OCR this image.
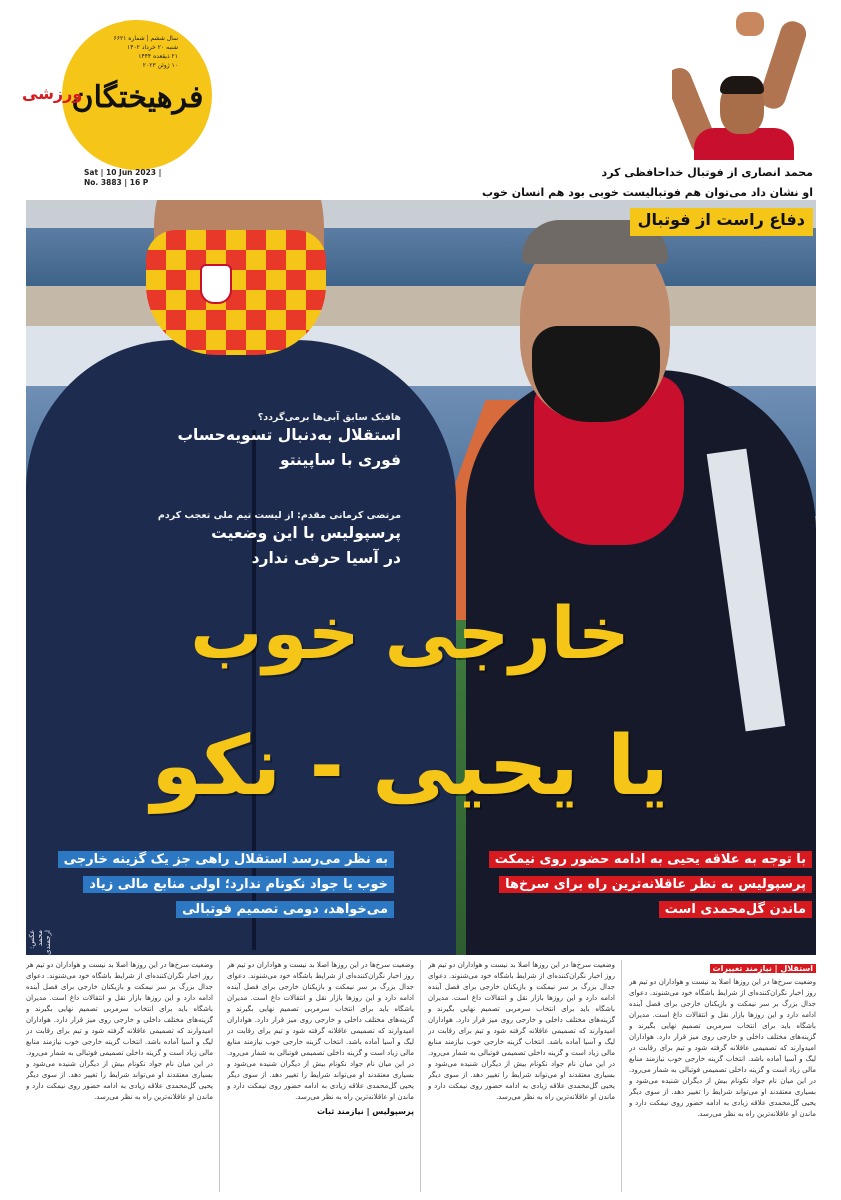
سال ششم | شماره ۶۶۲۱
شنبه ۲۰ خرداد ۱۴۰۲
۲۱ ذیقعده ۱۴۴۴
۱۰ ژوئن ۲۰۲۳
فرهیختگان
ورزشی
Sat | 10 Jun 2023 |
No. 3883 | 16 P
عکس: محمد ارجمندی
محمد انصاری از فوتبال خداحافظی کرد
او نشان داد می‌توان هم فوتبالیست خوبی بود هم انسان خوب
دفاع راست از فوتبال
هافبک سابق آبی‌ها برمی‌گردد؟
استقلال به‌دنبال تسویه‌حساب
فوری با ساپینتو
مرتضی کرمانی مقدم: از لیست تیم ملی تعجب کردم
پرسپولیس با این وضعیت
در آسیا حرفی ندارد
خارجی خوب
یا یحیی - نکو
به نظر می‌رسد استقلال راهی جز یک گزینه خارجی
خوب یا جواد نکونام ندارد؛ اولی منابع مالی زیاد
می‌خواهد، دومی تصمیم فوتبالی
با توجه به علاقه یحیی به ادامه حضور روی نیمکت
پرسپولیس به نظر عاقلانه‌ترین راه برای سرخ‌ها
ماندن گل‌محمدی است
استقلال | نیازمند تغییرات

وضعیت سرخ‌ها در این روزها اصلا بد نیست و هواداران دو تیم هر روز اخبار نگران‌کننده‌ای از شرایط باشگاه خود می‌شنوند. دعوای جدال بزرگ بر سر نیمکت و بازیکنان خارجی برای فصل آینده ادامه دارد و این روزها بازار نقل و انتقالات داغ است. مدیران باشگاه باید برای انتخاب سرمربی تصمیم نهایی بگیرند و گزینه‌های مختلف داخلی و خارجی روی میز قرار دارد. هواداران امیدوارند که تصمیمی عاقلانه گرفته شود و تیم برای رقابت در لیگ و آسیا آماده باشد. انتخاب گزینه خارجی خوب نیازمند منابع مالی زیاد است و گزینه داخلی تصمیمی فوتبالی به شمار می‌رود. در این میان نام جواد نکونام بیش از دیگران شنیده می‌شود و بسیاری معتقدند او می‌تواند شرایط را تغییر دهد. از سوی دیگر یحیی گل‌محمدی علاقه زیادی به ادامه حضور روی نیمکت دارد و ماندن او عاقلانه‌ترین راه به نظر می‌رسد.

وضعیت سرخ‌ها در این روزها اصلا بد نیست و هواداران دو تیم هر روز اخبار نگران‌کننده‌ای از شرایط باشگاه خود می‌شنوند. دعوای جدال بزرگ بر سر نیمکت و بازیکنان خارجی برای فصل آینده ادامه دارد و این روزها بازار نقل و انتقالات داغ است. مدیران باشگاه باید برای انتخاب سرمربی تصمیم نهایی بگیرند و گزینه‌های مختلف داخلی و خارجی روی میز قرار دارد. هواداران امیدوارند که تصمیمی عاقلانه گرفته شود و تیم برای رقابت در لیگ و آسیا آماده باشد. انتخاب گزینه خارجی خوب نیازمند منابع مالی زیاد است و گزینه داخلی تصمیمی فوتبالی به شمار می‌رود. در این میان نام جواد نکونام بیش از دیگران شنیده می‌شود و بسیاری معتقدند او می‌تواند شرایط را تغییر دهد. از سوی دیگر یحیی گل‌محمدی علاقه زیادی به ادامه حضور روی نیمکت دارد و ماندن او عاقلانه‌ترین راه به نظر می‌رسد.

وضعیت سرخ‌ها در این روزها اصلا بد نیست و هواداران دو تیم هر روز اخبار نگران‌کننده‌ای از شرایط باشگاه خود می‌شنوند. دعوای جدال بزرگ بر سر نیمکت و بازیکنان خارجی برای فصل آینده ادامه دارد و این روزها بازار نقل و انتقالات داغ است. مدیران باشگاه باید برای انتخاب سرمربی تصمیم نهایی بگیرند و گزینه‌های مختلف داخلی و خارجی روی میز قرار دارد. هواداران امیدوارند که تصمیمی عاقلانه گرفته شود و تیم برای رقابت در لیگ و آسیا آماده باشد. انتخاب گزینه خارجی خوب نیازمند منابع مالی زیاد است و گزینه داخلی تصمیمی فوتبالی به شمار می‌رود. در این میان نام جواد نکونام بیش از دیگران شنیده می‌شود و بسیاری معتقدند او می‌تواند شرایط را تغییر دهد. از سوی دیگر یحیی گل‌محمدی علاقه زیادی به ادامه حضور روی نیمکت دارد و ماندن او عاقلانه‌ترین راه به نظر می‌رسد.

پرسپولیس | نیازمند ثبات

وضعیت سرخ‌ها در این روزها اصلا بد نیست و هواداران دو تیم هر روز اخبار نگران‌کننده‌ای از شرایط باشگاه خود می‌شنوند. دعوای جدال بزرگ بر سر نیمکت و بازیکنان خارجی برای فصل آینده ادامه دارد و این روزها بازار نقل و انتقالات داغ است. مدیران باشگاه باید برای انتخاب سرمربی تصمیم نهایی بگیرند و گزینه‌های مختلف داخلی و خارجی روی میز قرار دارد. هواداران امیدوارند که تصمیمی عاقلانه گرفته شود و تیم برای رقابت در لیگ و آسیا آماده باشد. انتخاب گزینه خارجی خوب نیازمند منابع مالی زیاد است و گزینه داخلی تصمیمی فوتبالی به شمار می‌رود. در این میان نام جواد نکونام بیش از دیگران شنیده می‌شود و بسیاری معتقدند او می‌تواند شرایط را تغییر دهد. از سوی دیگر یحیی گل‌محمدی علاقه زیادی به ادامه حضور روی نیمکت دارد و ماندن او عاقلانه‌ترین راه به نظر می‌رسد.
